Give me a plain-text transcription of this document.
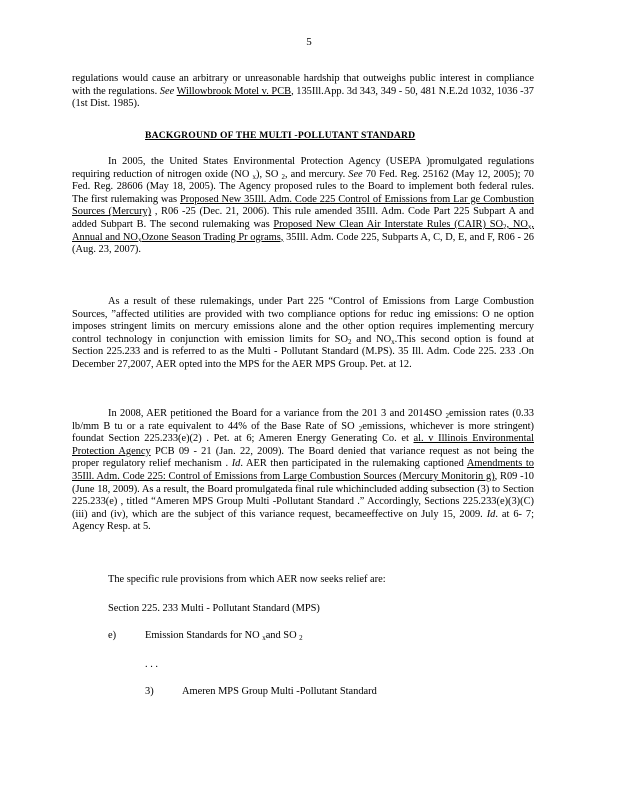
5
regulations would cause an arbitrary or unreasonable hardship that outweighs public interest in compliance with the regulations. See Willowbrook Motel v. PCB, 135Ill.App. 3d 343, 349 - 50, 481 N.E.2d 1032, 1036 -37 (1st Dist. 1985).
BACKGROUND OF THE MULTI -POLLUTANT STANDARD
In 2005, the United States Environmental Protection Agency (USEPA )promulgated regulations requiring reduction of nitrogen oxide (NO $_x$), SO $_2$, and mercury. See 70 Fed. Reg. 25162 (May 12, 2005); 70 Fed. Reg. 28606 (May 18, 2005). The Agency proposed rules to the Board to implement both federal rules. The first rulemaking was Proposed New 35Ill. Adm. Code 225 Control of Emissions from Lar ge Combustion Sources (Mercury) , R06 -25 (Dec. 21, 2006). This rule amended 35Ill. Adm. Code Part 225 Subpart A and added Subpart B. The second rulemaking was Proposed New Clean Air Interstate Rules (CAIR) $SO_2$, $NO_x$, Annual and $NO_xOzone$ Season Trading Pr ograms, 35Ill. Adm. Code 225, Subparts A, C, D, E, and F, R06 - 26 (Aug. 23, 2007).
As a result of these rulemakings, under Part 225 “Control of Emissions from Large Combustion Sources, ”affected utilities are provided with two compliance options for reduc ing emissions: O ne option imposes stringent limits on mercury emissions alone and the other option requires implementing mercury control technology in conjunction with emission limits for $SO_2$ and $NO_x.This$ second option is found at Section 225.233 and is referred to as the Multi - Pollutant Standard (M.PS). 35 Ill. Adm. Code 225. 233 .On December 27,2007, AER opted into the MPS for the AER MPS Group. Pet. at 12.
In 2008, AER petitioned the Board for a variance from the 201 3 and 2014SO $_2$emission rates (0.33 lb/mm B tu or a rate equivalent to 44% of the Base Rate of SO $_2$emissions, whichever is more stringent) foundat Section 225.233(e)(2) . Pet. at 6; Ameren Energy Generating Co. et al. v Illinois Environmental Protection Agency PCB 09 - 21 (Jan. 22, 2009). The Board denied that variance request as not being the proper regulatory relief mechanism . Id. AER then participated in the rulemaking captioned Amendments to 35Ill. Adm. Code 225: Control of Emissions from Large Combustion Sources (Mercury Monitorin g), R09 -10 (June 18, 2009). As a result, the Board promulgateda final rule whichincluded adding subsection (3) to Section 225.233(e) , titled “Ameren MPS Group Multi -Pollutant Standard .” Accordingly, Sections 225.233(e)(3)(C)(iii) and (iv), which are the subject of this variance request, becameeffective on July 15, 2009. Id. at 6- 7; Agency Resp. at 5.
The specific rule provisions from which AER now seeks relief are:
Section 225. 233 Multi - Pollutant Standard (MPS)
e)	Emission Standards for NO $_x$and SO $_2$
. . .
3)	Ameren MPS Group Multi -Pollutant Standard
